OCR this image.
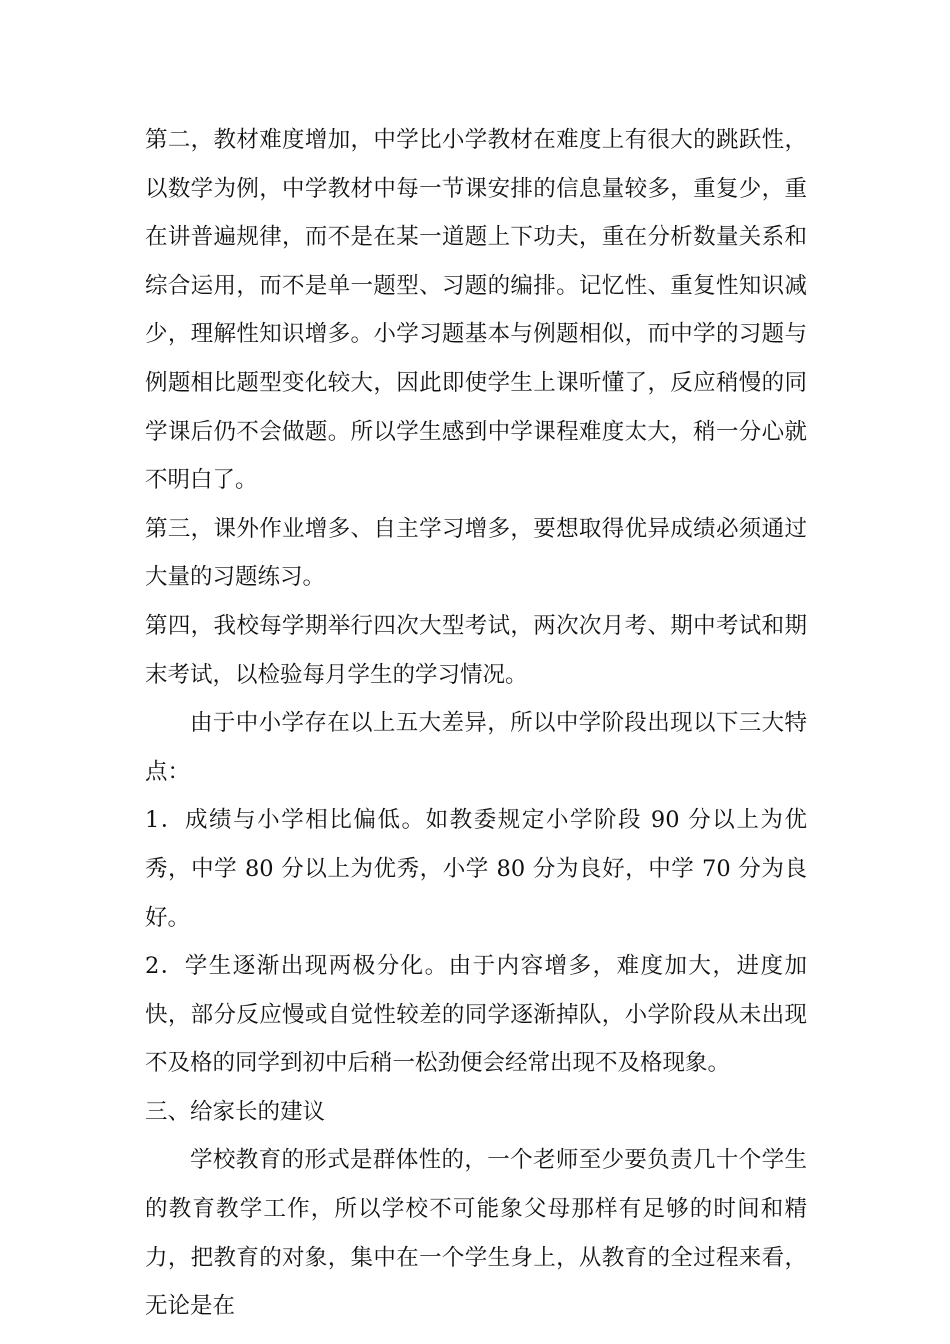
第二，教材难度增加，中学比小学教材在难度上有很大的跳跃性，以数学为例，中学教材中每一节课安排的信息量较多，重复少，重在讲普遍规律，而不是在某一道题上下功夫，重在分析数量关系和综合运用，而不是单一题型、习题的编排。记忆性、重复性知识减少，理解性知识增多。小学习题基本与例题相似，而中学的习题与例题相比题型变化较大，因此即使学生上课听懂了，反应稍慢的同学课后仍不会做题。所以学生感到中学课程难度太大，稍一分心就不明白了。

第三，课外作业增多、自主学习增多，要想取得优异成绩必须通过大量的习题练习。

第四，我校每学期举行四次大型考试，两次次月考、期中考试和期末考试，以检验每月学生的学习情况。

由于中小学存在以上五大差异，所以中学阶段出现以下三大特点：

1．成绩与小学相比偏低。如教委规定小学阶段 90 分以上为优秀，中学 80 分以上为优秀，小学 80 分为良好，中学 70 分为良好。

2．学生逐渐出现两极分化。由于内容增多，难度加大，进度加快，部分反应慢或自觉性较差的同学逐渐掉队，小学阶段从未出现不及格的同学到初中后稍一松劲便会经常出现不及格现象。

三、给家长的建议

学校教育的形式是群体性的，一个老师至少要负责几十个学生的教育教学工作，所以学校不可能象父母那样有足够的时间和精力，把教育的对象，集中在一个学生身上，从教育的全过程来看，无论是在
